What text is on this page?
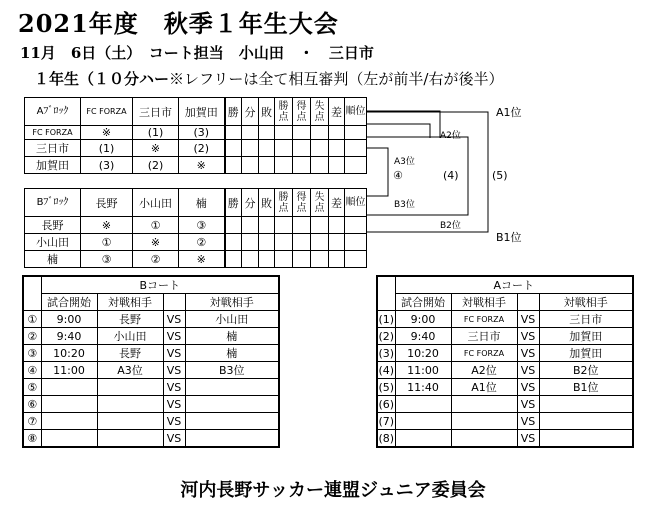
2021年度　秋季１年生大会
11月　6日（土）　コート担当　小山田　・　三日市
１年生（１０分ハー※レフリーは全て相互審判（左が前半/右が後半）
Aﾌﾞﾛｯｸ	FC FORZA	三日市	加賀田	勝	分	敗	勝点	得点	失点	差	順位
FC FORZA	※	(1)	(3)								
三日市	(1)	※	(2)								
加賀田	(3)	(2)	※								
Bﾌﾞﾛｯｸ	長野	小山田	楠	勝	分	敗	勝点	得点	失点	差	順位
長野	※	①	③								
小山田	①	※	②								
楠	③	②	※								
A1位
A2位
A3位
④	(4)	(5)
B3位
B2位
B1位
	Bコート			
	試合開始	対戦相手		対戦相手
①	9:00	長野	VS	小山田
②	9:40	小山田	VS	楠
③	10:20	長野	VS	楠
④	11:00	A3位	VS	B3位
⑤			VS	
⑥			VS	
⑦			VS	
⑧			VS	
	Aコート			
	試合開始	対戦相手		対戦相手
(1)	9:00	FC FORZA	VS	三日市
(2)	9:40	三日市	VS	加賀田
(3)	10:20	FC FORZA	VS	加賀田
(4)	11:00	A2位	VS	B2位
(5)	11:40	A1位	VS	B1位
(6)			VS	
(7)			VS	
(8)			VS	
河内長野サッカー連盟ジュニア委員会
